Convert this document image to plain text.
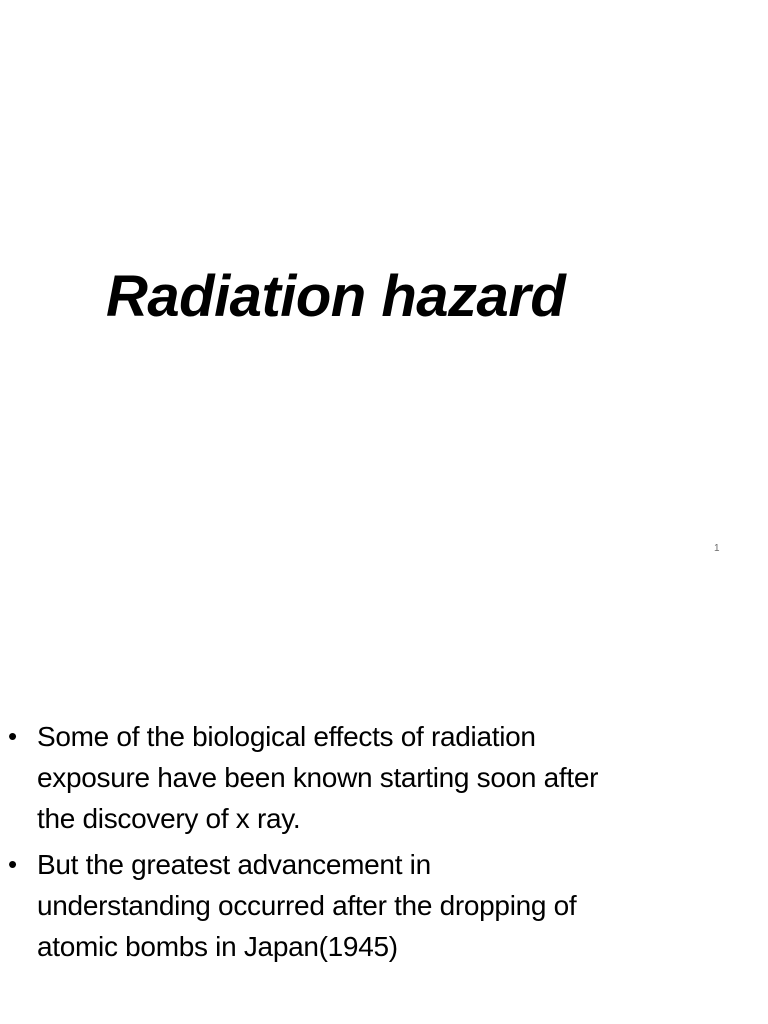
Radiation hazard
1
• Some of the biological effects of radiation
exposure have been known starting soon after
the discovery of x ray.
• But the greatest advancement in
understanding occurred after the dropping of
atomic bombs in Japan(1945)
